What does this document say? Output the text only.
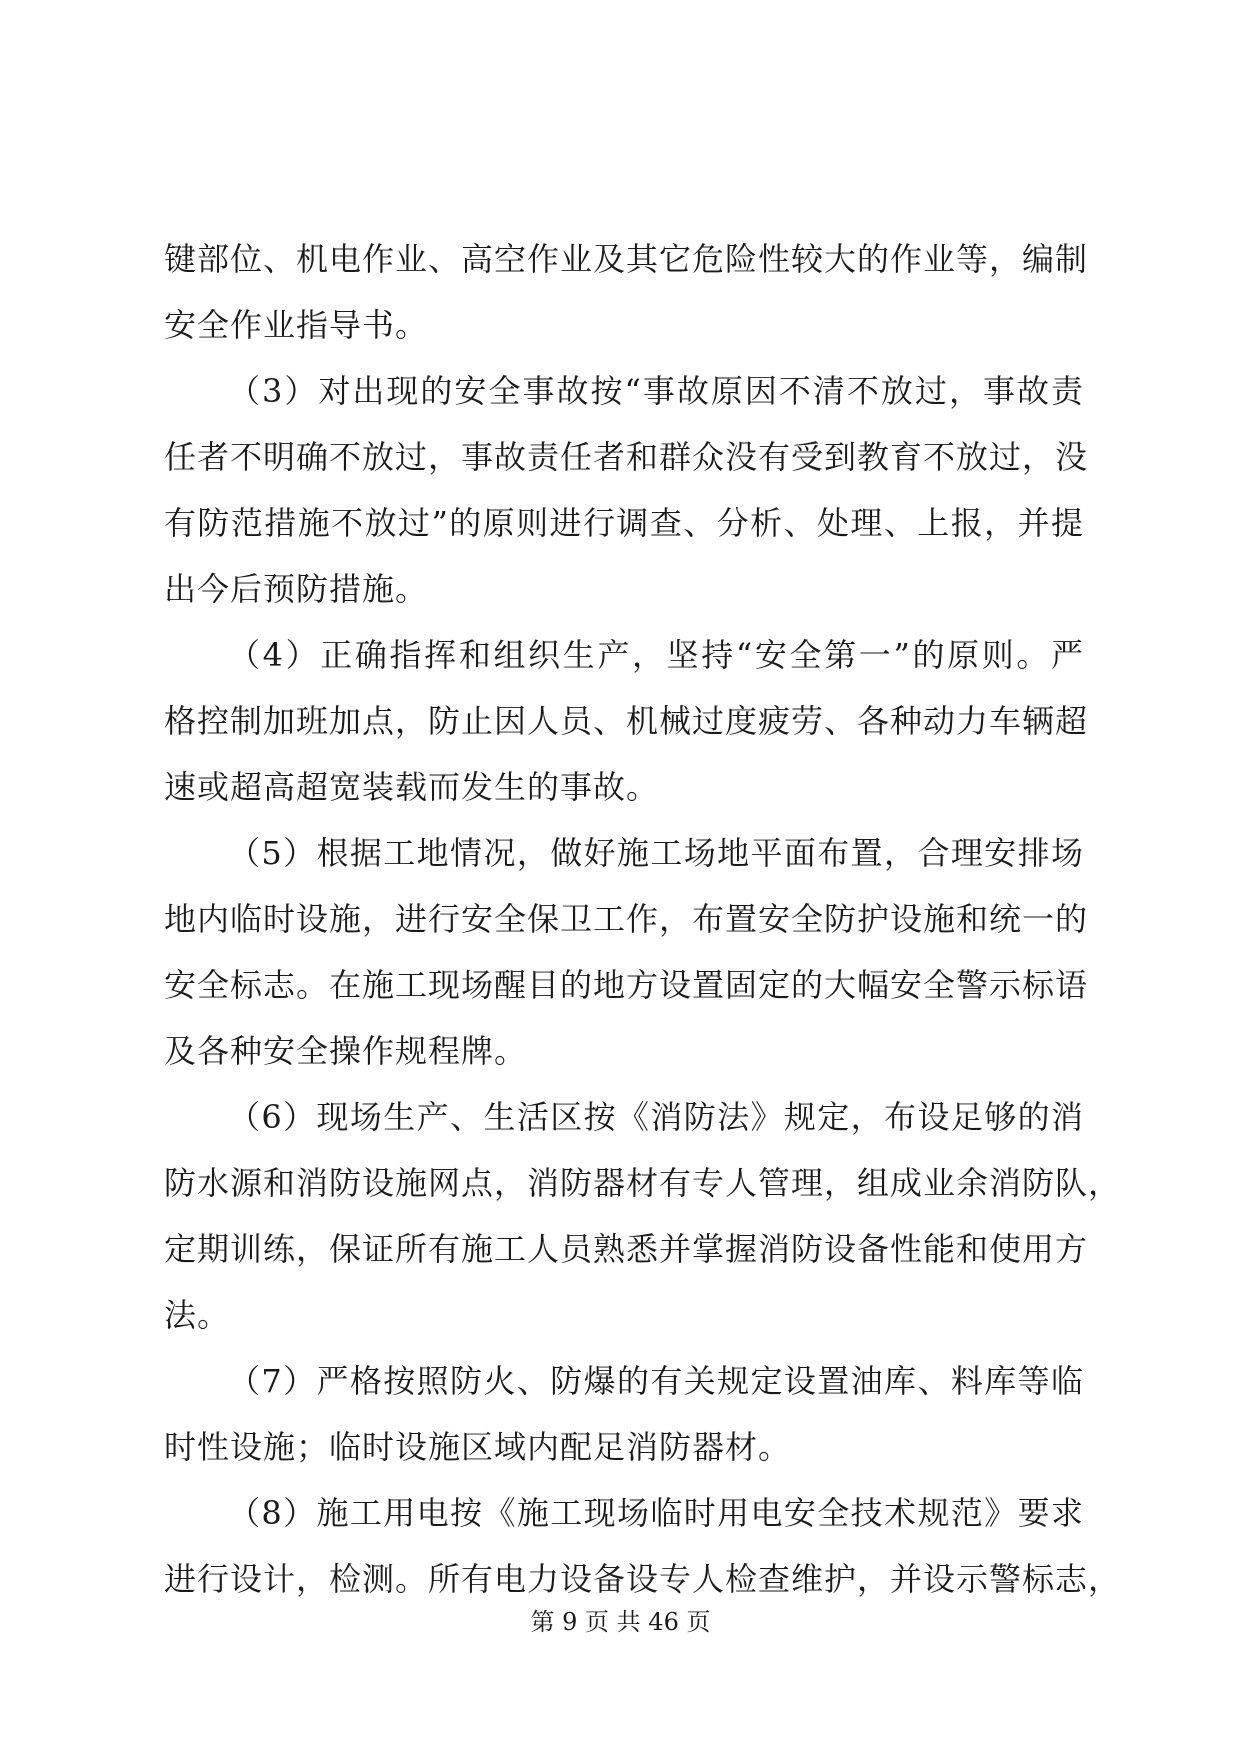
键部位、机电作业、高空作业及其它危险性较大的作业等，编制
安全作业指导书。
（3）对出现的安全事故按“事故原因不清不放过，事故责
任者不明确不放过，事故责任者和群众没有受到教育不放过，没
有防范措施不放过”的原则进行调查、分析、处理、上报，并提
出今后预防措施。
（4）正确指挥和组织生产，坚持“安全第一”的原则。严
格控制加班加点，防止因人员、机械过度疲劳、各种动力车辆超
速或超高超宽装载而发生的事故。
（5）根据工地情况，做好施工场地平面布置，合理安排场
地内临时设施，进行安全保卫工作，布置安全防护设施和统一的
安全标志。在施工现场醒目的地方设置固定的大幅安全警示标语
及各种安全操作规程牌。
（6）现场生产、生活区按《消防法》规定，布设足够的消
防水源和消防设施网点，消防器材有专人管理，组成业余消防队，
定期训练，保证所有施工人员熟悉并掌握消防设备性能和使用方
法。
（7）严格按照防火、防爆的有关规定设置油库、料库等临
时性设施；临时设施区域内配足消防器材。
（8）施工用电按《施工现场临时用电安全技术规范》要求
进行设计，检测。所有电力设备设专人检查维护，并设示警标志，
第 9 页 共 46 页
